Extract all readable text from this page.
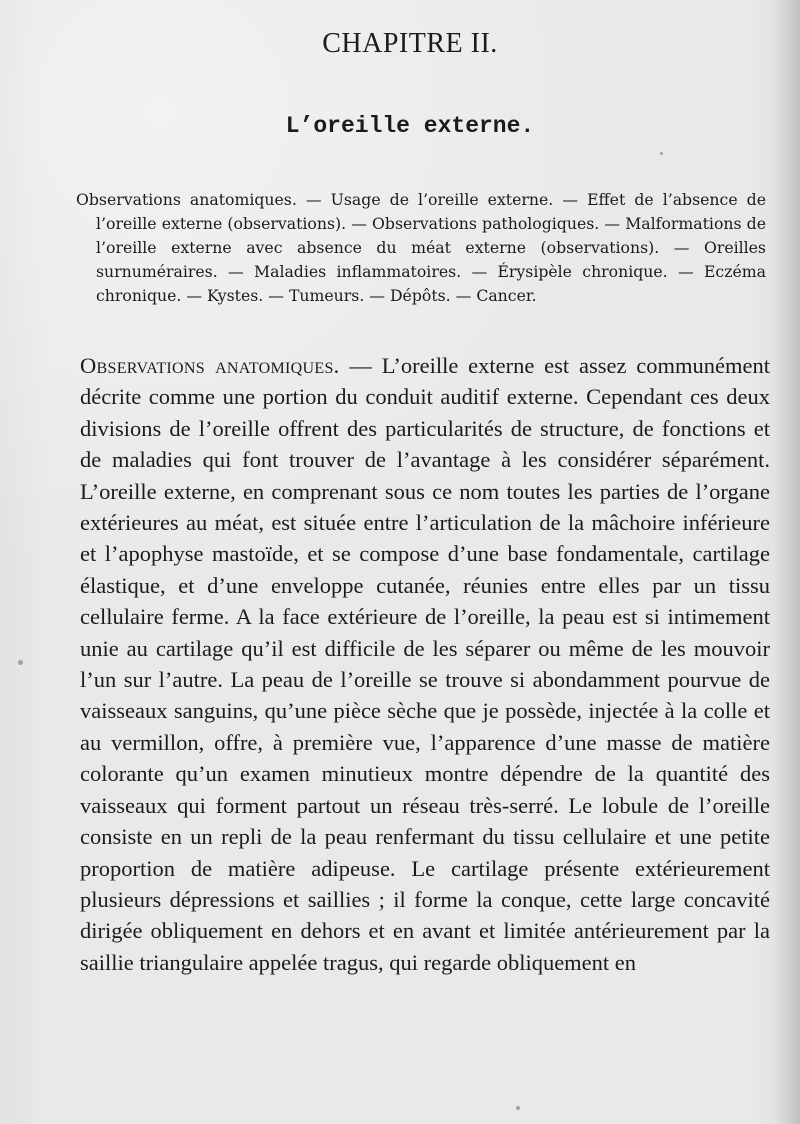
CHAPITRE II.
L’oreille externe.
Observations anatomiques. — Usage de l’oreille externe. — Effet de l’absence de l’oreille externe (observations). — Observations pathologiques. — Malformations de l’oreille externe avec absence du méat externe (observations). — Oreilles surnuméraires. — Maladies inflammatoires. — Érysipèle chronique. — Eczéma chronique. — Kystes. — Tumeurs. — Dépôts. — Cancer.
Observations anatomiques. — L’oreille externe est assez communément décrite comme une portion du conduit auditif externe. Cependant ces deux divisions de l’oreille offrent des particularités de structure, de fonctions et de maladies qui font trouver de l’avantage à les considérer séparément. L’oreille externe, en comprenant sous ce nom toutes les parties de l’organe extérieures au méat, est située entre l’articulation de la mâchoire inférieure et l’apophyse mastoïde, et se compose d’une base fondamentale, cartilage élastique, et d’une enveloppe cutanée, réunies entre elles par un tissu cellulaire ferme. A la face extérieure de l’oreille, la peau est si intimement unie au cartilage qu’il est difficile de les séparer ou même de les mouvoir l’un sur l’autre. La peau de l’oreille se trouve si abondamment pourvue de vaisseaux sanguins, qu’une pièce sèche que je possède, injectée à la colle et au vermillon, offre, à première vue, l’apparence d’une masse de matière colorante qu’un examen minutieux montre dépendre de la quantité des vaisseaux qui forment partout un réseau très-serré. Le lobule de l’oreille consiste en un repli de la peau renfermant du tissu cellulaire et une petite proportion de matière adipeuse. Le cartilage présente extérieurement plusieurs dépressions et saillies ; il forme la conque, cette large concavité dirigée obliquement en dehors et en avant et limitée antérieurement par la saillie triangulaire appelée tragus, qui regarde obliquement en
